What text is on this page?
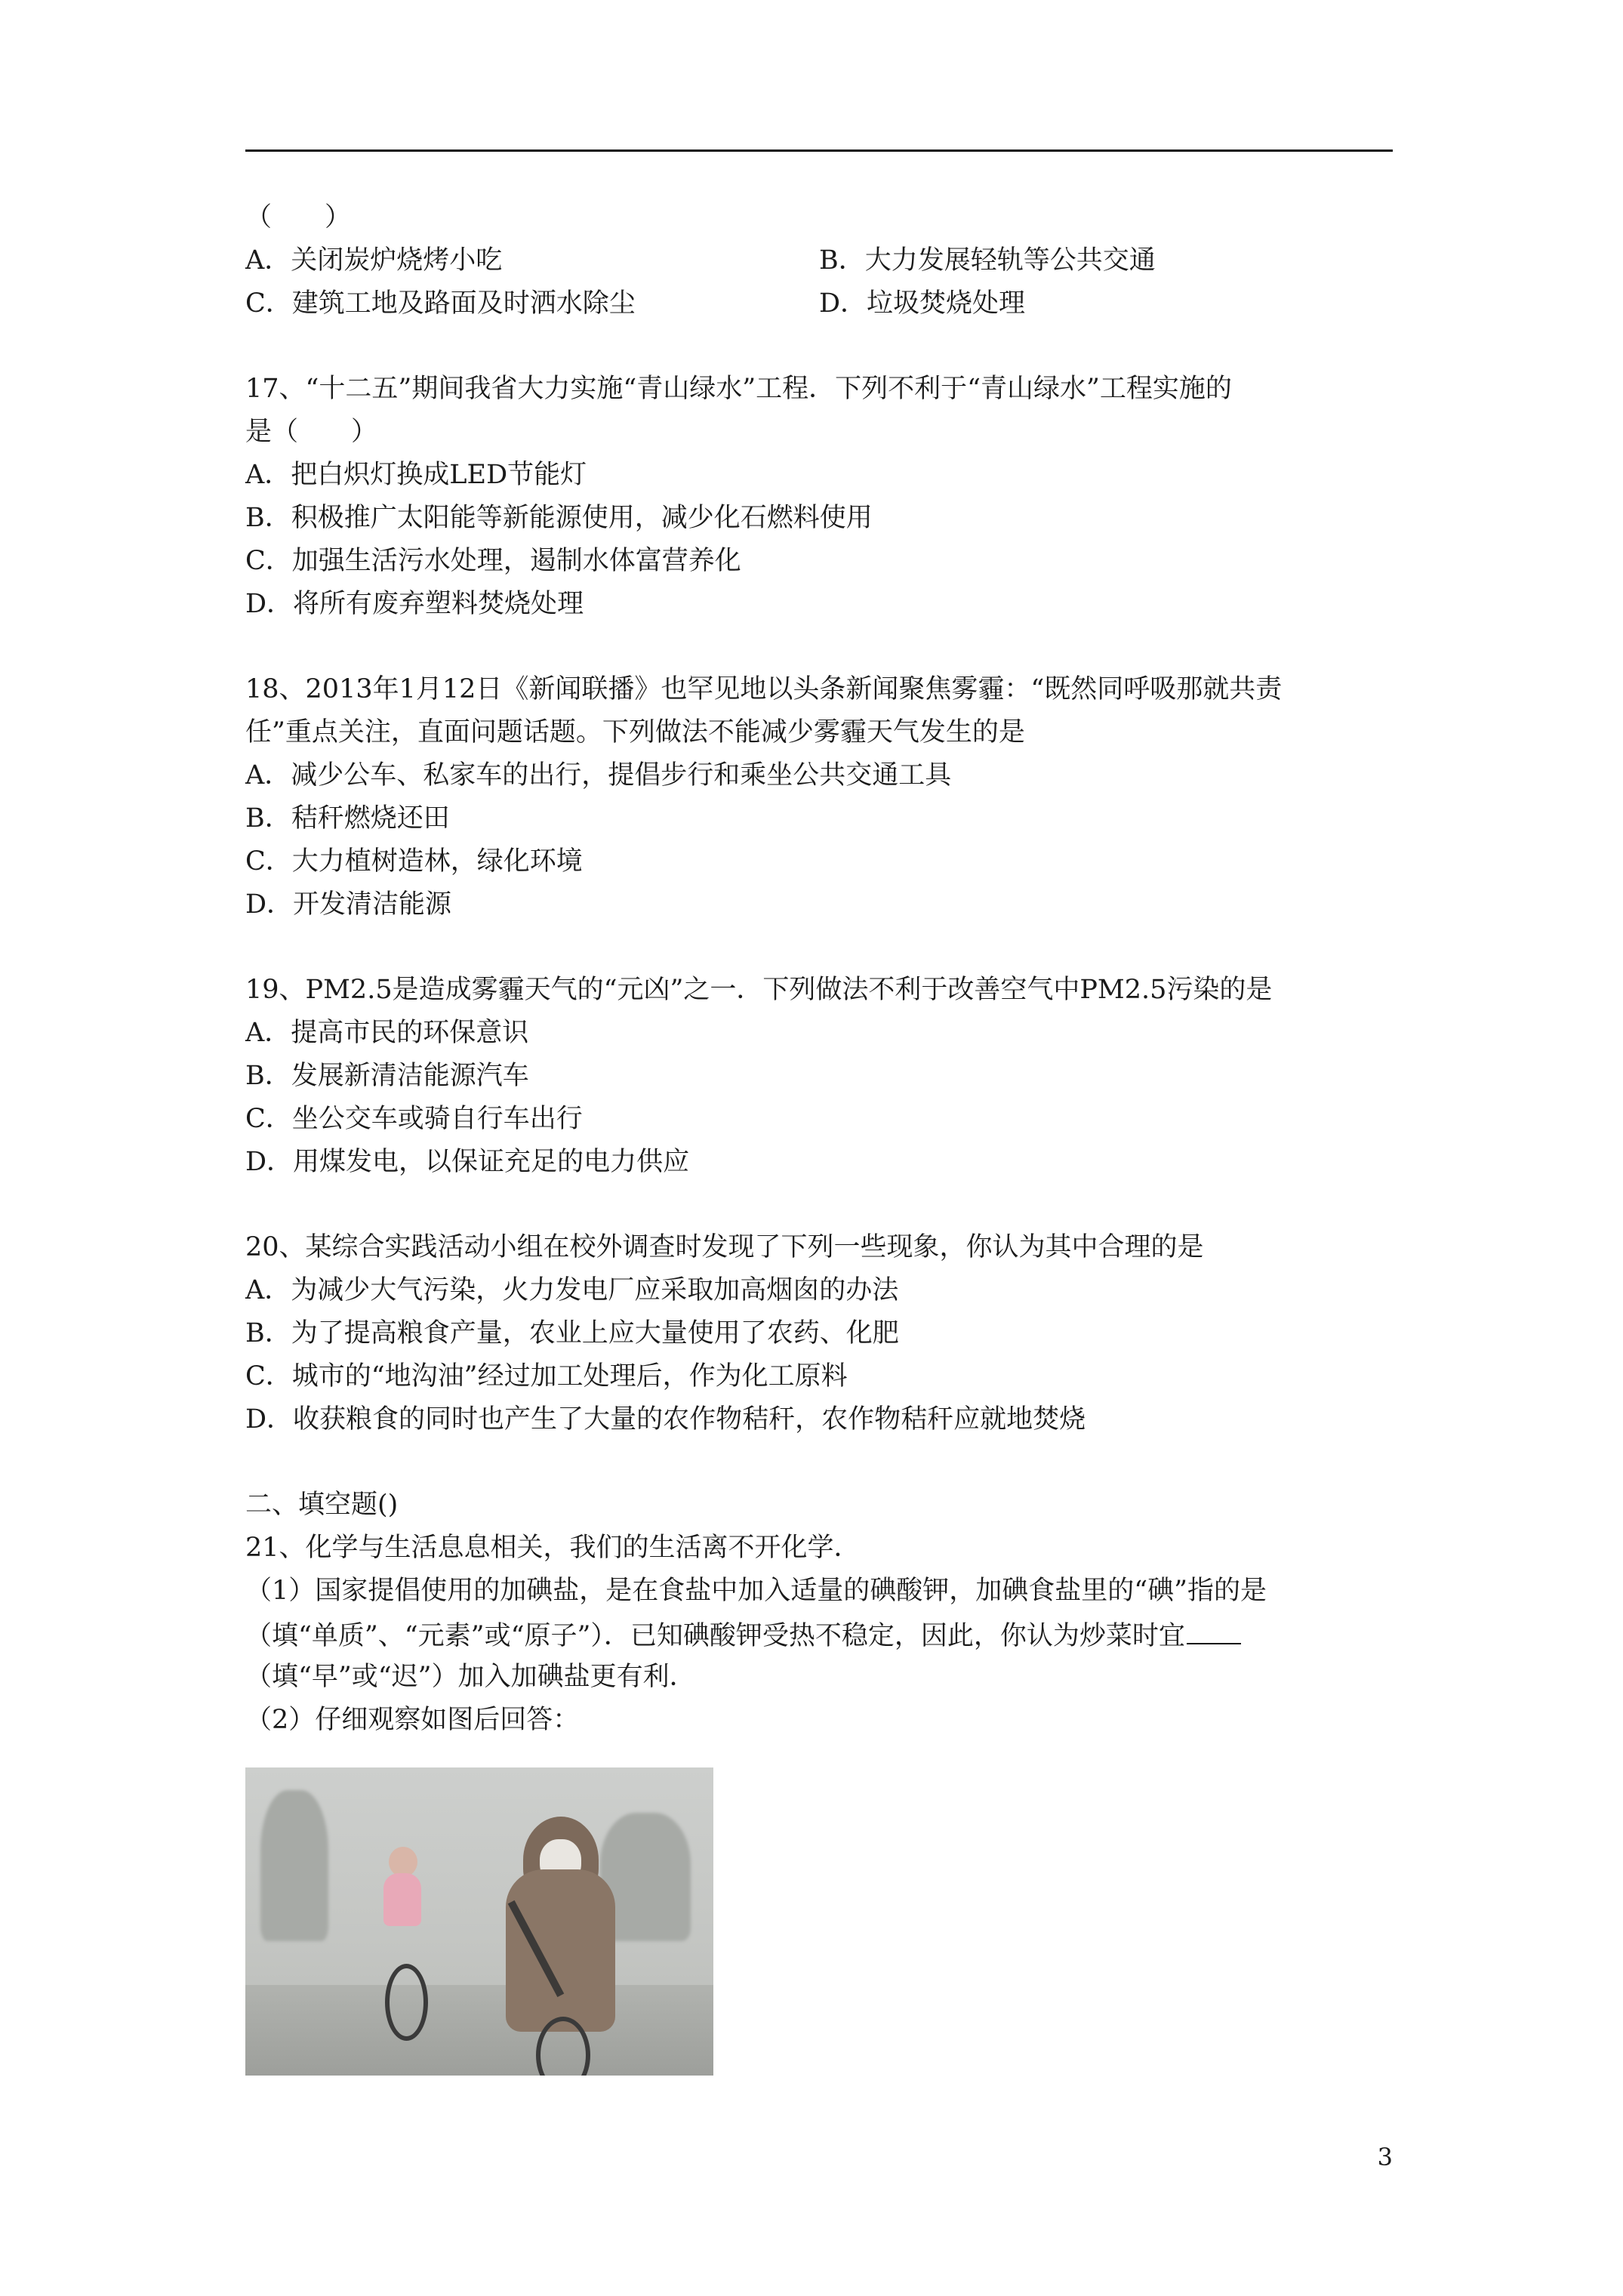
（　　）
A．关闭炭炉烧烤小吃	B．大力发展轻轨等公共交通
C．建筑工地及路面及时洒水除尘	D．垃圾焚烧处理
17、“十二五”期间我省大力实施“青山绿水”工程．下列不利于“青山绿水”工程实施的
是（　　）
A．把白炽灯换成LED节能灯
B．积极推广太阳能等新能源使用，减少化石燃料使用
C．加强生活污水处理，遏制水体富营养化
D．将所有废弃塑料焚烧处理
18、2013年1月12日《新闻联播》也罕见地以头条新闻聚焦雾霾：“既然同呼吸那就共责
任”重点关注，直面问题话题。下列做法不能减少雾霾天气发生的是
A．减少公车、私家车的出行，提倡步行和乘坐公共交通工具
B．秸秆燃烧还田
C．大力植树造林，绿化环境
D．开发清洁能源
19、PM2.5是造成雾霾天气的“元凶”之一．下列做法不利于改善空气中PM2.5污染的是
A．提高市民的环保意识
B．发展新清洁能源汽车
C．坐公交车或骑自行车出行
D．用煤发电，以保证充足的电力供应
20、某综合实践活动小组在校外调查时发现了下列一些现象，你认为其中合理的是
A．为减少大气污染，火力发电厂应采取加高烟囱的办法
B．为了提高粮食产量，农业上应大量使用了农药、化肥
C．城市的“地沟油”经过加工处理后，作为化工原料
D．收获粮食的同时也产生了大量的农作物秸秆，农作物秸秆应就地焚烧
二、填空题()
21、化学与生活息息相关，我们的生活离不开化学．
（1）国家提倡使用的加碘盐，是在食盐中加入适量的碘酸钾，加碘食盐里的“碘”指的是
（填“单质”、“元素”或“原子”）．已知碘酸钾受热不稳定，因此，你认为炒菜时宜
（填“早”或“迟”）加入加碘盐更有利．
（2）仔细观察如图后回答：
3
